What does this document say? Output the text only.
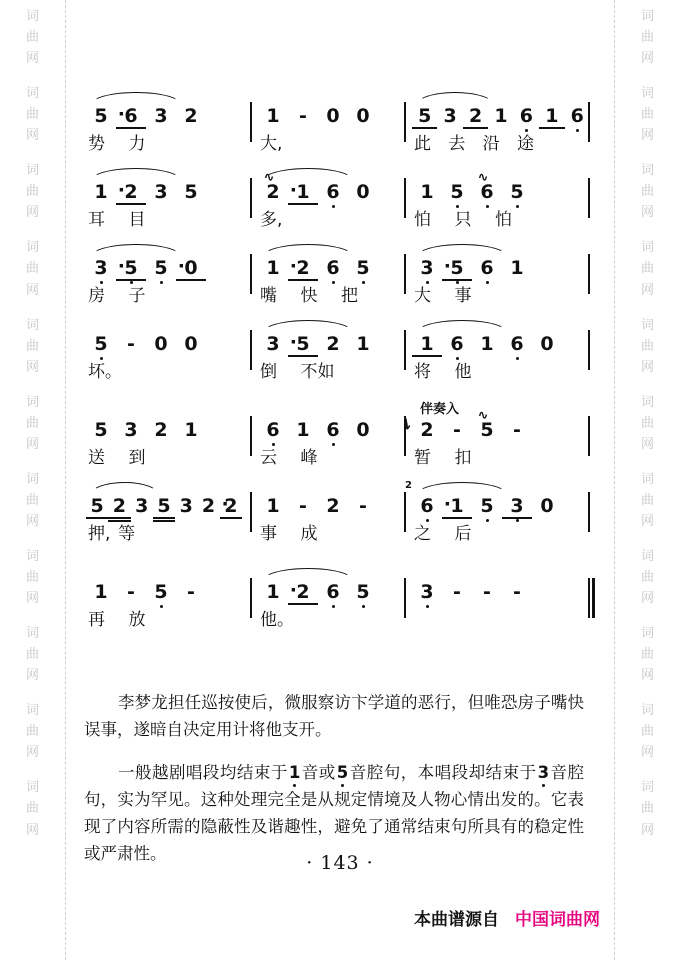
词
曲
网
词
曲
网
词
曲
网
词
曲
网
词
曲
网
词
曲
网
词
曲
网
词
曲
网
词
曲
网
词
曲
网
词
曲
网
词
曲
网
词
曲
网
词
曲
网
词
曲
网
词
曲
网
词
曲
网
词
曲
网
词
曲
网
词
曲
网
词
曲
网
词
曲
网
5 · 6 3 2
势 力
1 - 0 0
大,
5 3 2 1 6 1 6
此 去 沿 途
1 · 2 3 5
耳 目
2
∿
·1 6 0
多,
1 5 6
∿
5
怕 只 怕
3 · 5 5 · 0
房 子
1 · 2 6 5
嘴 快 把
3 · 5 6 1
大 事
5 - 0 0
坏。
3 · 5 2 1
倒 不如
1 6 1 6 0
将 他
伴奏入
5 3 2 1
送 到
6 1 6 0
云 峰
2
↘ - 5
∿
-
暂 扣
5 2 3 5 3 2 · 2
押, 等
1 - 2 -
事 成
6
2
·1 5 3 0
之 后
1 - 5 -
再 放
1 · 2 6 5
他。
3 - - -

李梦龙担任巡按使后，微服察访卞学道的恶行，但唯恐房子嘴快误事，遂暗自决定用计将他支开。

一般越剧唱段均结束于1音或5音腔句，本唱段却结束于3音腔句，实为罕见。这种处理完全是从规定情境及人物心情出发的。它表现了内容所需的隐蔽性及谐趣性，避免了通常结束句所具有的稳定性或严肃性。	· 143 ·
本曲谱源自 中国词曲网
